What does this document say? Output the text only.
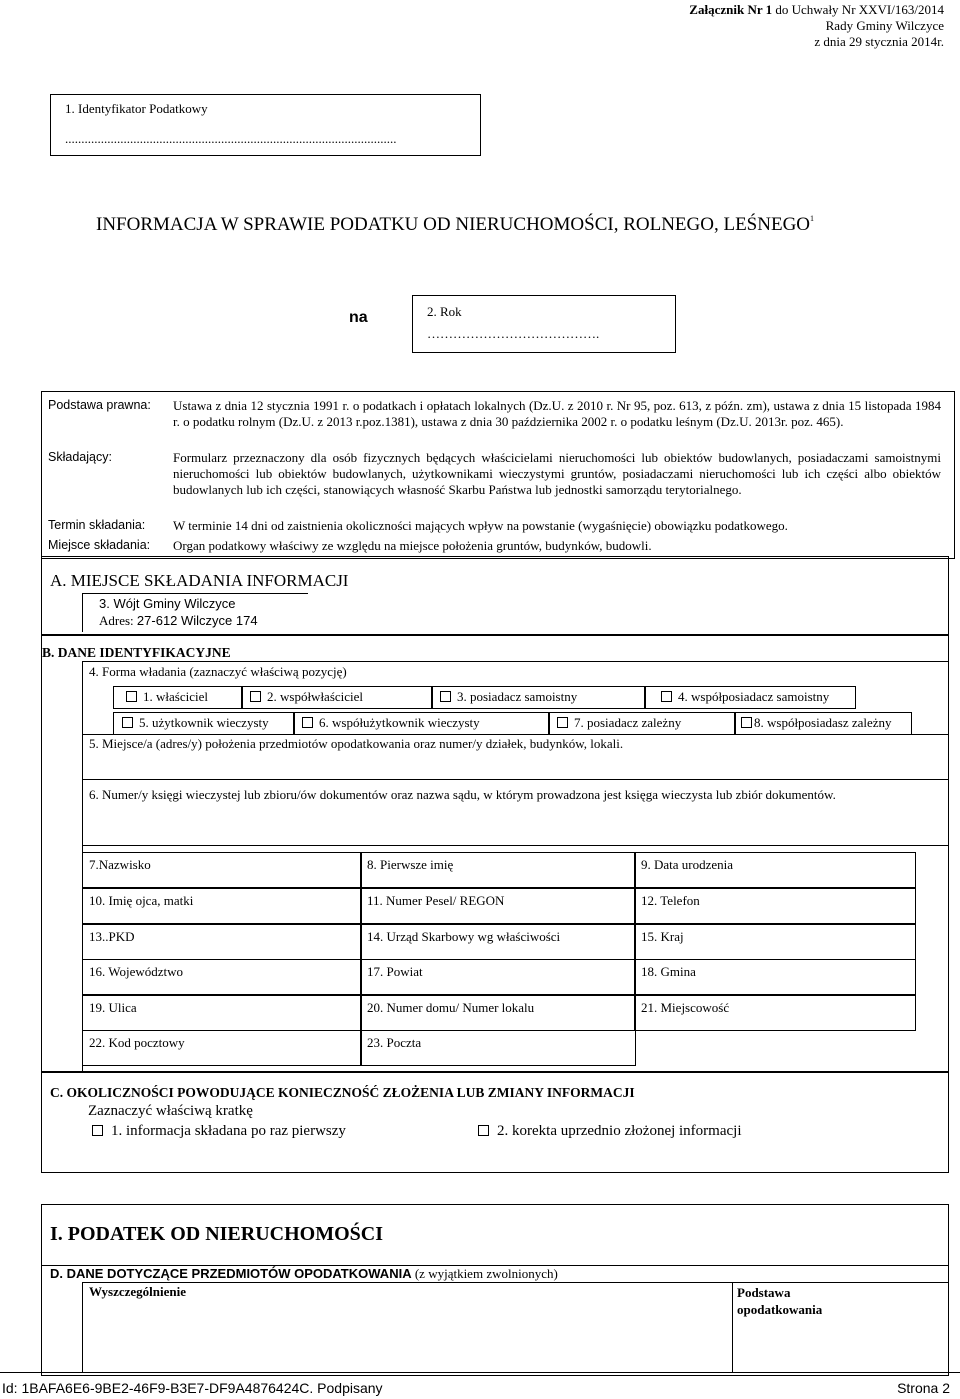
Załącznik Nr 1 do Uchwały Nr XXVI/163/2014
Rady Gminy Wilczyce
z dnia 29 stycznia 2014r.
1. Identyfikator Podatkowy
......................................................................................................
INFORMACJA W SPRAWIE PODATKU OD NIERUCHOMOŚCI, ROLNEGO, LEŚNEGO$^1$
na	2. Rok
………………………………….
Podstawa prawna: Ustawa z dnia 12 stycznia 1991 r. o podatkach i opłatach lokalnych (Dz.U. z 2010 r. Nr 95, poz. 613, z późn. zm), ustawa z dnia 15 listopada 1984 r. o podatku rolnym (Dz.U. z 2013 r.poz.1381), ustawa z dnia 30 października 2002 r. o podatku leśnym (Dz.U. 2013r. poz. 465).
Składający:	Formularz przeznaczony dla osób fizycznych będących właścicielami nieruchomości lub obiektów budowlanych, posiadaczami samoistnymi nieruchomości lub obiektów budowlanych, użytkownikami wieczystymi gruntów, posiadaczami nieruchomości lub ich części albo obiektów budowlanych lub ich części, stanowiących własność Skarbu Państwa lub jednostki samorządu terytorialnego.
Termin składania: W terminie 14 dni od zaistnienia okoliczności mających wpływ na powstanie (wygaśnięcie) obowiązku podatkowego.
Miejsce składania: Organ podatkowy właściwy ze względu na miejsce położenia gruntów, budynków, budowli.
A. MIEJSCE SKŁADANIA INFORMACJI
3. Wójt Gminy Wilczyce
Adres: 27-612 Wilczyce 174
B. DANE IDENTYFIKACYJNE
4. Forma władania (zaznaczyć właściwą pozycję)
1. właściciel	2. współwłaściciel	3. posiadacz samoistny	4. współposiadacz samoistny
5. użytkownik wieczysty	6. współużytkownik wieczysty	7. posiadacz zależny	8. współposiadasz zależny
5. Miejsce/a (adres/y) położenia przedmiotów opodatkowania oraz numer/y działek, budynków, lokali.
6. Numer/y księgi wieczystej lub zbioru/ów dokumentów oraz nazwa sądu, w którym prowadzona jest księga wieczysta lub zbiór dokumentów.
7.Nazwisko	8. Pierwsze imię	9. Data urodzenia
10. Imię ojca, matki	11. Numer Pesel/ REGON	12. Telefon
13..PKD	14. Urząd Skarbowy wg właściwości	15. Kraj
16. Województwo	17. Powiat	18. Gmina
19. Ulica	20. Numer domu/ Numer lokalu	21. Miejscowość
22. Kod pocztowy	23. Poczta
C. OKOLICZNOŚCI POWODUJĄCE KONIECZNOŚĆ ZŁOŻENIA LUB ZMIANY INFORMACJI
Zaznaczyć właściwą kratkę
1. informacja składana po raz pierwszy	2. korekta uprzednio złożonej informacji
I. PODATEK OD NIERUCHOMOŚCI
D. DANE DOTYCZĄCE PRZEDMIOTÓW OPODATKOWANIA (z wyjątkiem zwolnionych)
Wyszczególnienie	Podstawa opodatkowania
Id: 1BAFA6E6-9BE2-46F9-B3E7-DF9A4876424C. Podpisany	Strona 2
